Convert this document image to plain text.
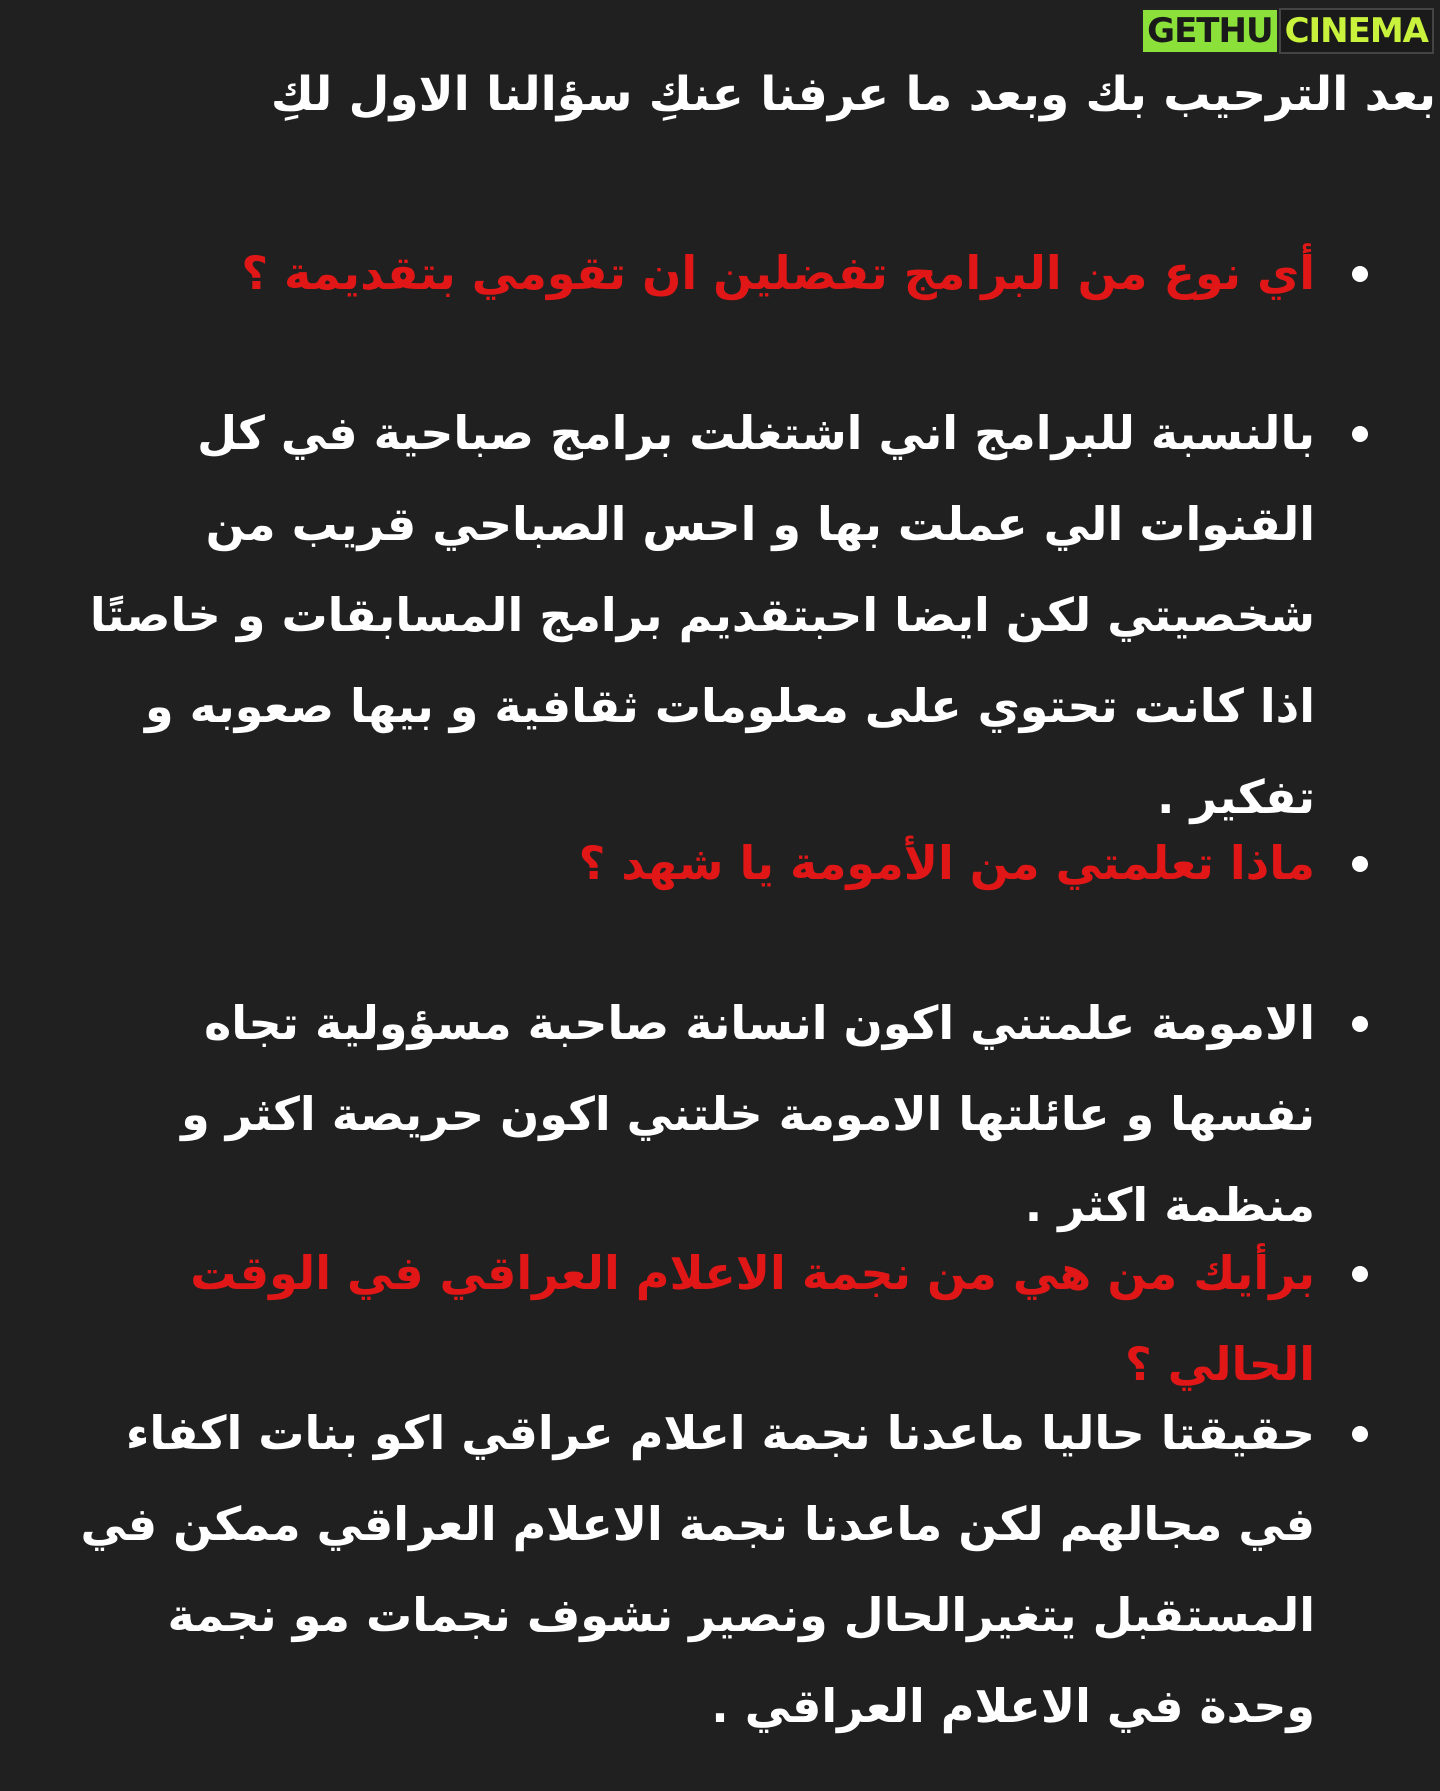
GETHU CINEMA
بعد الترحيب بك وبعد ما عرفنا عنكِ سؤالنا الاول لكِ
أي نوع من البرامج تفضلين ان تقومي بتقديمة ؟
بالنسبة للبرامج اني اشتغلت برامج صباحية في كل القنوات الي عملت بها و احس الصباحي قريب من شخصيتي لكن ايضا احبتقديم برامج المسابقات و خاصتًا اذا كانت تحتوي على معلومات ثقافية و بيها صعوبه و تفكير .
ماذا تعلمتي من الأمومة يا شهد ؟
الامومة علمتني اكون انسانة صاحبة مسؤولية تجاه نفسها و عائلتها الامومة خلتني اكون حريصة اكثر و منظمة اكثر .
برأيك من هي من نجمة الاعلام العراقي في الوقت الحالي ؟
حقيقتا حاليا ماعدنا نجمة اعلام عراقي اكو بنات اكفاء في مجالهم لكن ماعدنا نجمة الاعلام العراقي ممكن في المستقبل يتغيرالحال ونصير نشوف نجمات مو نجمة وحدة في الاعلام العراقي .
